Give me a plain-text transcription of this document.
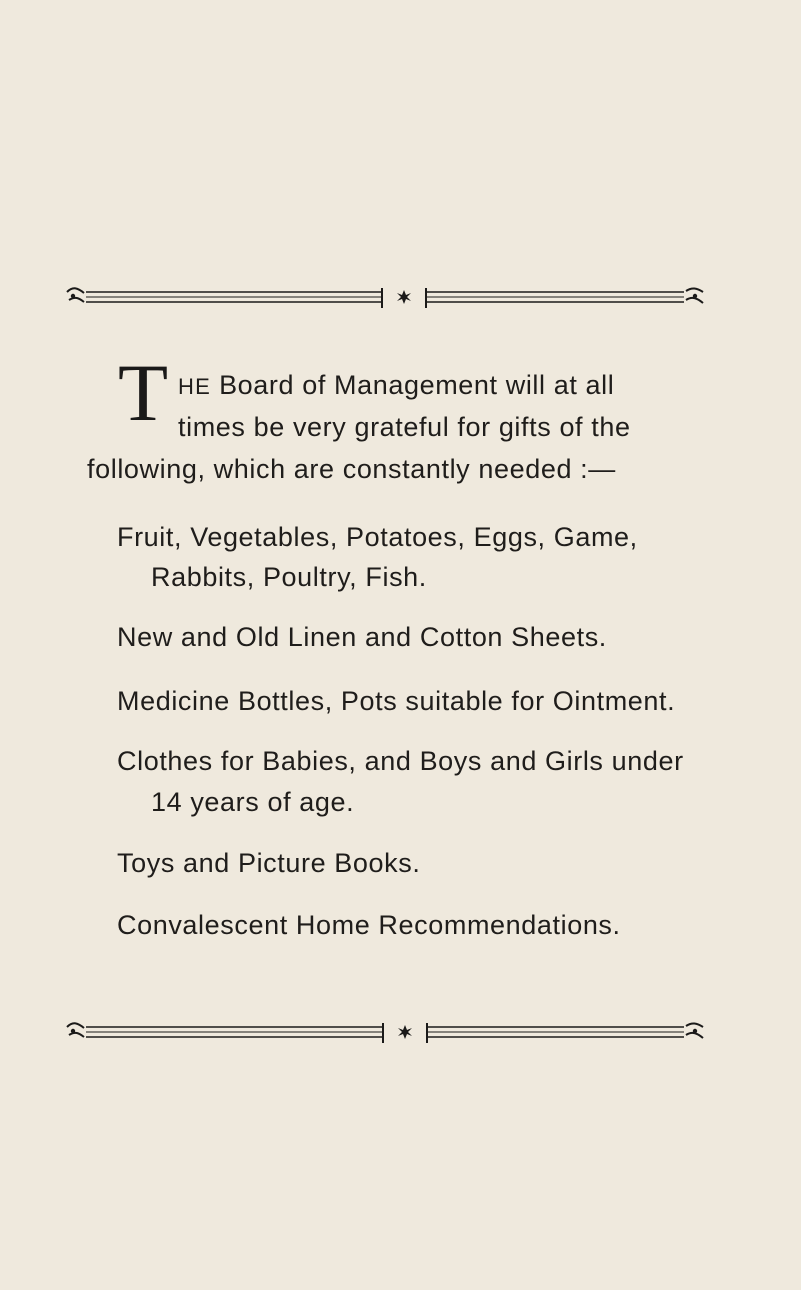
T HE Board of Management will at all
times be very grateful for gifts of the
following, which are constantly needed :—
Fruit, Vegetables, Potatoes, Eggs, Game,
Rabbits, Poultry, Fish.
New and Old Linen and Cotton Sheets.
Medicine Bottles, Pots suitable for Ointment.
Clothes for Babies, and Boys and Girls under
14 years of age.
Toys and Picture Books.
Convalescent Home Recommendations.
